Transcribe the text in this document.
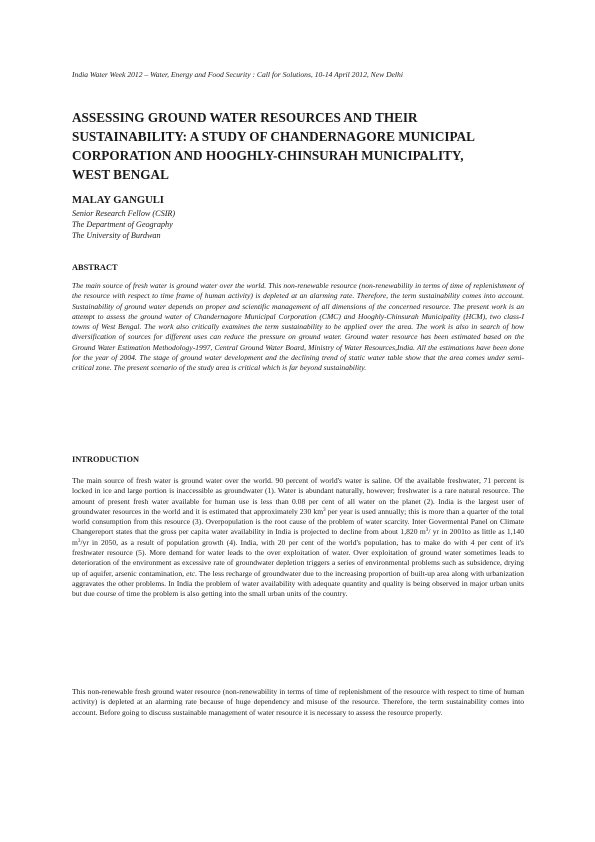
India Water Week 2012 – Water, Energy and Food Security : Call for Solutions, 10-14 April 2012, New Delhi
ASSESSING GROUND WATER RESOURCES AND THEIR
SUSTAINABILITY: A STUDY OF CHANDERNAGORE MUNICIPAL
CORPORATION AND HOOGHLY-CHINSURAH MUNICIPALITY,
WEST BENGAL
MALAY GANGULI
Senior Research Fellow (CSIR)
The Department of Geography
The University of Burdwan
ABSTRACT

The main source of fresh water is ground water over the world. This non-renewable resource (non-renewability in terms of time of replenishment of the resource with respect to time frame of human activity) is depleted at an alarming rate. Therefore, the term sustainability comes into account. Sustainability of ground water depends on proper and scientific management of all dimensions of the concerned resource. The present work is an attempt to assess the ground water of Chandernagore Municipal Corporation (CMC) and Hooghly-Chinsurah Municipality (HCM), two class-I towns of West Bengal. The work also critically examines the term sustainability to be applied over the area. The work is also in search of how diversification of sources for different uses can reduce the pressure on ground water. Ground water resource has been estimated based on the Ground Water Estimation Methodology-1997, Central Ground Water Board, Ministry of Water Resources,India. All the estimations have been done for the year of 2004. The stage of ground water development and the declining trend of static water table show that the area comes under semi-critical zone. The present scenario of the study area is critical which is far beyond sustainability.

INTRODUCTION

The main source of fresh water is ground water over the world. 90 percent of world's water is saline. Of the available freshwater, 71 percent is locked in ice and large portion is inaccessible as groundwater (1). Water is abundant naturally, however; freshwater is a rare natural resource. The amount of present fresh water available for human use is less than 0.08 per cent of all water on the planet (2). India is the largest user of groundwater resources in the world and it is estimated that approximately 230 $km^3$ per year is used annually; this is more than a quarter of the total world consumption from this resource (3). Overpopulation is the root cause of the problem of water scarcity. Inter Govermental Panel on Climate Changereport states that the gross per capita water availability in India is projected to decline from about 1,820 $m^3/$ yr in 2001to as little as 1,140 $m^3/yr$ in 2050, as a result of population growth (4). India, with 20 per cent of the world's population, has to make do with 4 per cent of it's freshwater resource (5). More demand for water leads to the over exploitation of water. Over exploitation of ground water sometimes leads to deterioration of the environment as excessive rate of groundwater depletion triggers a series of environmental problems such as subsidence, drying up of aquifer, arsenic contamination, etc. The less recharge of groundwater due to the increasing proportion of built-up area along with urbanization aggravates the other problems. In India the problem of water availability with adequate quantity and quality is being observed in major urban units but due course of time the problem is also getting into the small urban units of the country.

This non-renewable fresh ground water resource (non-renewability in terms of time of replenishment of the resource with respect to time of human activity) is depleted at an alarming rate because of huge dependency and misuse of the resource. Therefore, the term sustainability comes into account. Before going to discuss sustainable management of water resource it is necessary to assess the resource properly.
